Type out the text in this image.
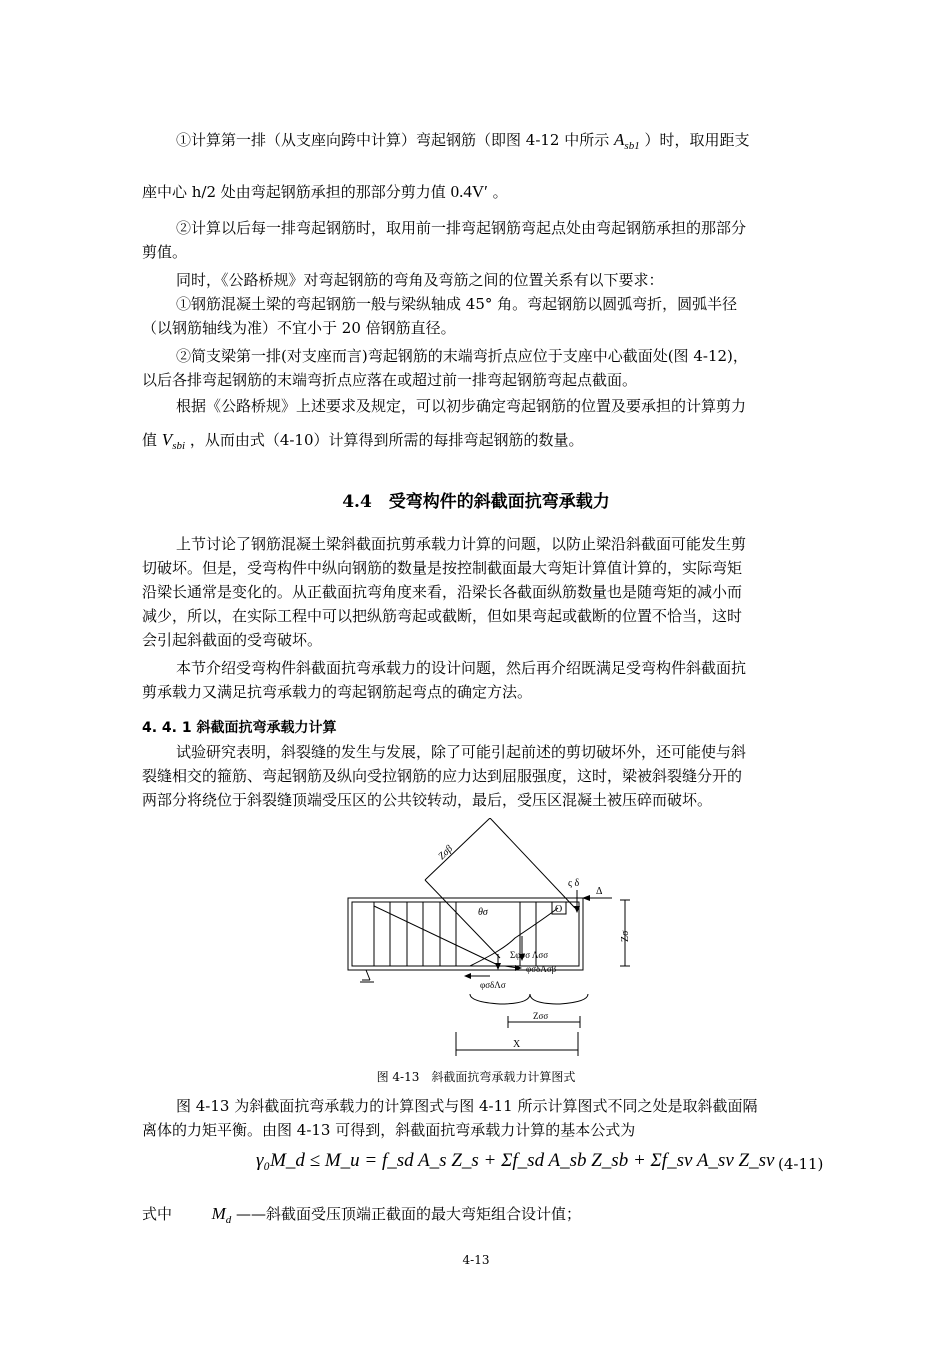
①计算第一排（从支座向跨中计算）弯起钢筋（即图 4-12 中所示 $A_{sb1}$ ）时，取用距支
座中心 h/2 处由弯起钢筋承担的那部分剪力值 0.4V′ 。
②计算以后每一排弯起钢筋时，取用前一排弯起钢筋弯起点处由弯起钢筋承担的那部分
剪值。
同时，《公路桥规》对弯起钢筋的弯角及弯筋之间的位置关系有以下要求：
①钢筋混凝土梁的弯起钢筋一般与梁纵轴成 45° 角。弯起钢筋以圆弧弯折，圆弧半径
（以钢筋轴线为准）不宜小于 20 倍钢筋直径。
②简支梁第一排(对支座而言)弯起钢筋的末端弯折点应位于支座中心截面处(图 4-12)，
以后各排弯起钢筋的末端弯折点应落在或超过前一排弯起钢筋弯起点截面。
根据《公路桥规》上述要求及规定，可以初步确定弯起钢筋的位置及要承担的计算剪力
值 $V_{sbi}$ ，从而由式（4-10）计算得到所需的每排弯起钢筋的数量。
4.4　受弯构件的斜截面抗弯承载力
上节讨论了钢筋混凝土梁斜截面抗剪承载力计算的问题，以防止梁沿斜截面可能发生剪
切破坏。但是，受弯构件中纵向钢筋的数量是按控制截面最大弯矩计算值计算的，实际弯矩
沿梁长通常是变化的。从正截面抗弯角度来看，沿梁长各截面纵筋数量也是随弯矩的减小而
减少，所以，在实际工程中可以把纵筋弯起或截断，但如果弯起或截断的位置不恰当，这时
会引起斜截面的受弯破坏。
本节介绍受弯构件斜截面抗弯承载力的设计问题，然后再介绍既满足受弯构件斜截面抗
剪承载力又满足抗弯承载力的弯起钢筋起弯点的确定方法。
4. 4. 1 斜截面抗弯承载力计算
试验研究表明，斜裂缝的发生与发展，除了可能引起前述的剪切破坏外，还可能使与斜
裂缝相交的箍筋、弯起钢筋及纵向受拉钢筋的应力达到屈服强度，这时，梁被斜裂缝分开的
两部分将绕位于斜裂缝顶端受压区的公共铰转动，最后，受压区混凝土被压碎而破坏。
Zσβ
ς δ
Δ
θσ	O
Zσ
Σφσσ Λσσ
φσδΛσβ
φσδΛσ
Zσσ
X
图 4-13　斜截面抗弯承载力计算图式
图 4-13 为斜截面抗弯承载力的计算图式与图 4-11 所示计算图式不同之处是取斜截面隔
离体的力矩平衡。由图 4-13 可得到，斜截面抗弯承载力计算的基本公式为
γ₀M_d ≤ M_u = f_sd A_s Z_s + Σf_sd A_sb Z_sb + Σf_sv A_sv Z_sv (4-11)
式中 $M_d$ ——斜截面受压顶端正截面的最大弯矩组合设计值；
4-13
